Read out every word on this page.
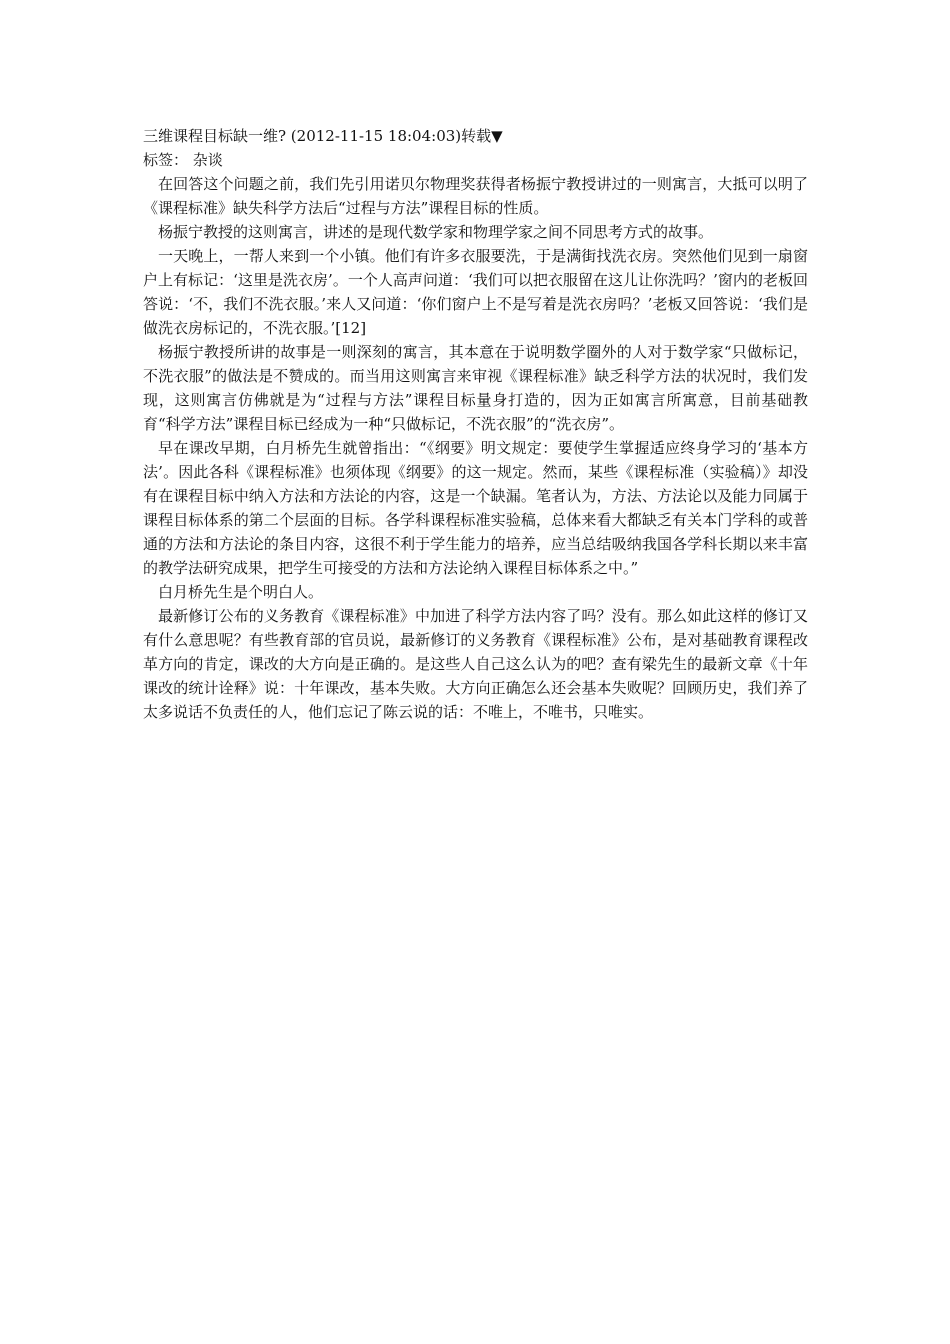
三维课程目标缺一维? (2012-11-15 18:04:03)转载▼

标签： 杂谈

在回答这个问题之前，我们先引用诺贝尔物理奖获得者杨振宁教授讲过的一则寓言，大抵可以明了《课程标准》缺失科学方法后“过程与方法”课程目标的性质。

杨振宁教授的这则寓言，讲述的是现代数学家和物理学家之间不同思考方式的故事。

一天晚上，一帮人来到一个小镇。他们有许多衣服要洗，于是满街找洗衣房。突然他们见到一扇窗户上有标记：‘这里是洗衣房’。一个人高声问道：‘我们可以把衣服留在这儿让你洗吗？’窗内的老板回答说：‘不，我们不洗衣服。’来人又问道：‘你们窗户上不是写着是洗衣房吗？’老板又回答说：‘我们是做洗衣房标记的，不洗衣服。’[12]

杨振宁教授所讲的故事是一则深刻的寓言，其本意在于说明数学圈外的人对于数学家“只做标记，不洗衣服”的做法是不赞成的。而当用这则寓言来审视《课程标准》缺乏科学方法的状况时，我们发现，这则寓言仿佛就是为“过程与方法”课程目标量身打造的，因为正如寓言所寓意，目前基础教育“科学方法”课程目标已经成为一种“只做标记，不洗衣服”的“洗衣房”。

早在课改早期，白月桥先生就曾指出：“《纲要》明文规定：要使学生掌握适应终身学习的‘基本方法’。因此各科《课程标准》也须体现《纲要》的这一规定。然而，某些《课程标准（实验稿）》却没有在课程目标中纳入方法和方法论的内容，这是一个缺漏。笔者认为，方法、方法论以及能力同属于课程目标体系的第二个层面的目标。各学科课程标准实验稿，总体来看大都缺乏有关本门学科的或普通的方法和方法论的条目内容，这很不利于学生能力的培养，应当总结吸纳我国各学科长期以来丰富的教学法研究成果，把学生可接受的方法和方法论纳入课程目标体系之中。”

白月桥先生是个明白人。

最新修订公布的义务教育《课程标准》中加进了科学方法内容了吗？没有。那么如此这样的修订又有什么意思呢？有些教育部的官员说，最新修订的义务教育《课程标准》公布，是对基础教育课程改革方向的肯定，课改的大方向是正确的。是这些人自己这么认为的吧？查有梁先生的最新文章《十年课改的统计诠释》说：十年课改，基本失败。大方向正确怎么还会基本失败呢？回顾历史，我们养了太多说话不负责任的人，他们忘记了陈云说的话：不唯上，不唯书，只唯实。
